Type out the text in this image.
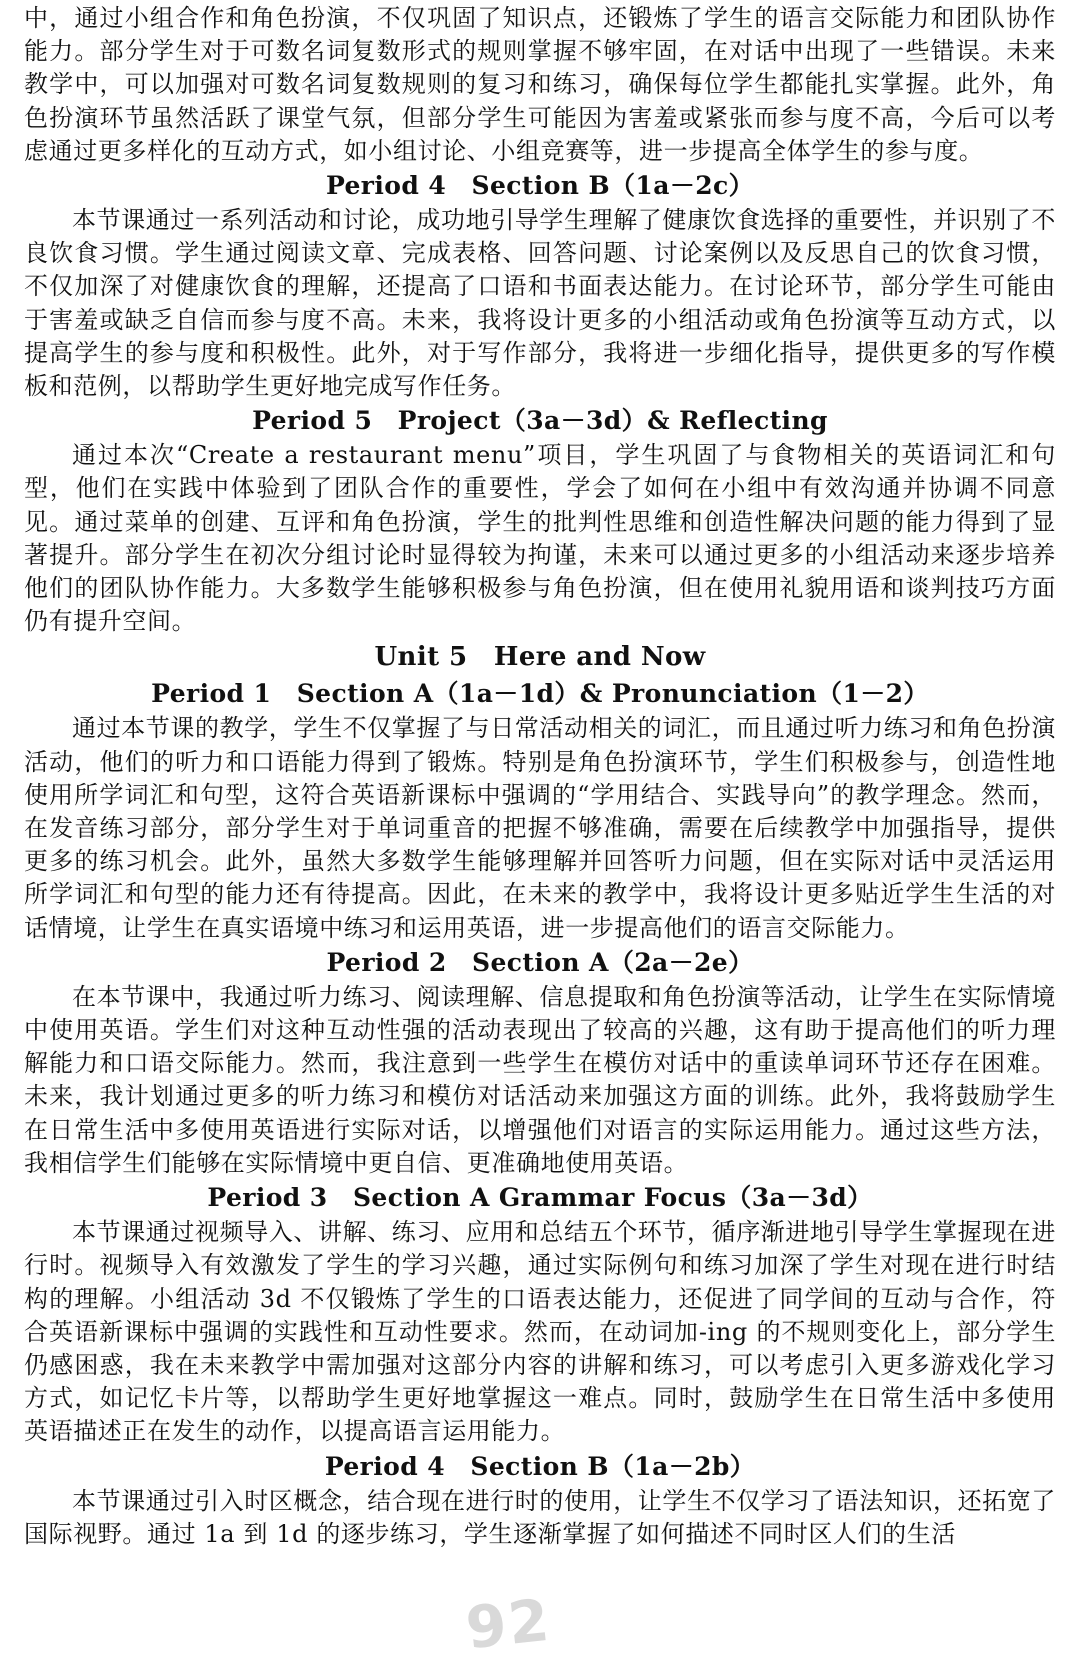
中，通过小组合作和角色扮演，不仅巩固了知识点，还锻炼了学生的语言交际能力和团队协作能力。部分学生对于可数名词复数形式的规则掌握不够牢固，在对话中出现了一些错误。未来教学中，可以加强对可数名词复数规则的复习和练习，确保每位学生都能扎实掌握。此外，角色扮演环节虽然活跃了课堂气氛，但部分学生可能因为害羞或紧张而参与度不高，今后可以考虑通过更多样化的互动方式，如小组讨论、小组竞赛等，进一步提高全体学生的参与度。

Period 4　Section B（1a－2c）

本节课通过一系列活动和讨论，成功地引导学生理解了健康饮食选择的重要性，并识别了不良饮食习惯。学生通过阅读文章、完成表格、回答问题、讨论案例以及反思自己的饮食习惯，不仅加深了对健康饮食的理解，还提高了口语和书面表达能力。在讨论环节，部分学生可能由于害羞或缺乏自信而参与度不高。未来，我将设计更多的小组活动或角色扮演等互动方式，以提高学生的参与度和积极性。此外，对于写作部分，我将进一步细化指导，提供更多的写作模板和范例，以帮助学生更好地完成写作任务。

Period 5　Project（3a－3d）& Reflecting

通过本次“Create a restaurant menu”项目，学生巩固了与食物相关的英语词汇和句型，他们在实践中体验到了团队合作的重要性，学会了如何在小组中有效沟通并协调不同意见。通过菜单的创建、互评和角色扮演，学生的批判性思维和创造性解决问题的能力得到了显著提升。部分学生在初次分组讨论时显得较为拘谨，未来可以通过更多的小组活动来逐步培养他们的团队协作能力。大多数学生能够积极参与角色扮演，但在使用礼貌用语和谈判技巧方面仍有提升空间。

Unit 5　Here and Now
Period 1　Section A（1a－1d）& Pronunciation（1－2）

通过本节课的教学，学生不仅掌握了与日常活动相关的词汇，而且通过听力练习和角色扮演活动，他们的听力和口语能力得到了锻炼。特别是角色扮演环节，学生们积极参与，创造性地使用所学词汇和句型，这符合英语新课标中强调的“学用结合、实践导向”的教学理念。然而，在发音练习部分，部分学生对于单词重音的把握不够准确，需要在后续教学中加强指导，提供更多的练习机会。此外，虽然大多数学生能够理解并回答听力问题，但在实际对话中灵活运用所学词汇和句型的能力还有待提高。因此，在未来的教学中，我将设计更多贴近学生生活的对话情境，让学生在真实语境中练习和运用英语，进一步提高他们的语言交际能力。

Period 2　Section A（2a－2e）

在本节课中，我通过听力练习、阅读理解、信息提取和角色扮演等活动，让学生在实际情境中使用英语。学生们对这种互动性强的活动表现出了较高的兴趣，这有助于提高他们的听力理解能力和口语交际能力。然而，我注意到一些学生在模仿对话中的重读单词环节还存在困难。未来，我计划通过更多的听力练习和模仿对话活动来加强这方面的训练。此外，我将鼓励学生在日常生活中多使用英语进行实际对话，以增强他们对语言的实际运用能力。通过这些方法，我相信学生们能够在实际情境中更自信、更准确地使用英语。

Period 3　Section A Grammar Focus（3a－3d）

本节课通过视频导入、讲解、练习、应用和总结五个环节，循序渐进地引导学生掌握现在进行时。视频导入有效激发了学生的学习兴趣，通过实际例句和练习加深了学生对现在进行时结构的理解。小组活动 3d 不仅锻炼了学生的口语表达能力，还促进了同学间的互动与合作，符合英语新课标中强调的实践性和互动性要求。然而，在动词加-ing 的不规则变化上，部分学生仍感困惑，我在未来教学中需加强对这部分内容的讲解和练习，可以考虑引入更多游戏化学习方式，如记忆卡片等，以帮助学生更好地掌握这一难点。同时，鼓励学生在日常生活中多使用英语描述正在发生的动作，以提高语言运用能力。

Period 4　Section B（1a－2b）

本节课通过引入时区概念，结合现在进行时的使用，让学生不仅学习了语法知识，还拓宽了国际视野。通过 1a 到 1d 的逐步练习，学生逐渐掌握了如何描述不同时区人们的生活

92
